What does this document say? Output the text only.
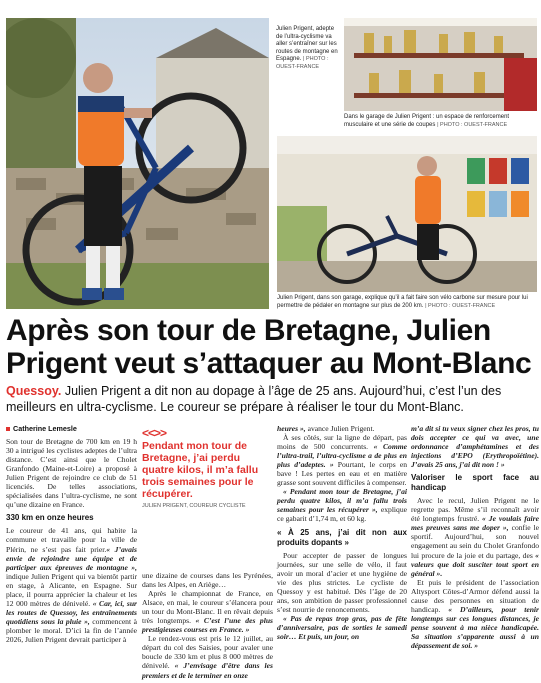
Julien Prigent, adepte de l’ultra-cyclisme va aller s’entraîner sur les routes de montagne en Espagne. | PHOTO : OUEST-FRANCE
Dans le garage de Julien Prigent : un espace de renforcement musculaire et une série de coupes | PHOTO : OUEST-FRANCE
Julien Prigent, dans son garage, explique qu’il a fait faire son vélo carbone sur mesure pour lui permettre de pédaler en montagne sur plus de 200 km. | PHOTO : OUEST-FRANCE
Après son tour de Bretagne, Julien
Prigent veut s’attaquer au Mont-Blanc
Quessoy. Julien Prigent a dit non au dopage à l’âge de 25 ans. Aujourd’hui, c’est l’un des
meilleurs en ultra-cyclisme. Le coureur se prépare à réaliser le tour du Mont-Blanc.
Catherine Lemesle

Son tour de Bretagne de 700 km en 19 h 30 a intrigué les cyclistes adeptes de l’ultra distance. C’est ainsi que le Cholet Granfondo (Maine-et-Loire) a proposé à Julien Prigent de rejoindre ce club de 51 licenciés. De telles associations, spécialisées dans l’ultra-cyclisme, ne sont qu’une dizaine en France.

330 km en onze heures

Le coureur de 41 ans, qui habite la commune et travaille pour la ville de Plérin, ne s’est pas fait prier.« J’avais envie de rejoindre une équipe et de participer aux épreuves de montagne », indique Julien Prigent qui va bientôt partir en stage, à Alicante, en Espagne. Sur place, il pourra apprécier la chaleur et les 12 000 mètres de dénivelé. « Car, ici, sur les routes de Quessoy, les entraînements quotidiens sous la pluie », commencent à plomber le moral. D’ici la fin de l’année 2026, Julien Prigent devrait participer à

<<>>
Pendant mon tour de Bretagne, j’ai perdu quatre kilos, il m’a fallu trois semaines pour le récupérer.
JULIEN PRIGENT, COUREUR CYCLISTE

une dizaine de courses dans les Pyrénées, dans les Alpes, en Ariège…

Après le championnat de France, en Alsace, en mai, le coureur s’élancera pour un tour du Mont-Blanc. Il en rêvait depuis très longtemps. « C’est l’une des plus prestigieuses courses en France. »

Le rendez-vous est pris le 12 juillet, au départ du col des Saisies, pour avaler une boucle de 330 km et plus 8 000 mètres de dénivelé. « J’envisage d’être dans les premiers et de le terminer en onze

heures », avance Julien Prigent.

À ses côtés, sur la ligne de départ, pas moins de 500 concurrents. « Comme l’ultra-trail, l’ultra-cyclisme a de plus en plus d’adeptes. » Pourtant, le corps en bave ! Les pertes en eau et en matière grasse sont souvent difficiles à compenser.

« Pendant mon tour de Bretagne, j’ai perdu quatre kilos, il m’a fallu trois semaines pour les récupérer », explique ce gabarit d’1,74 m, et 60 kg.

« À 25 ans, j’ai dit non aux produits dopants »

Pour accepter de passer de longues journées, sur une selle de vélo, il faut avoir un moral d’acier et une hygiène de vie des plus strictes. Le cycliste de Quessoy y est habitué. Dès l’âge de 20 ans, son ambition de passer professionnel s’est nourrie de renoncements.

« Pas de repas trop gras, pas de fête d’anniversaire, pas de sorties le samedi soir… Et puis, un jour, on

m’a dit si tu veux signer chez les pros, tu dois accepter ce qui va avec, une ordonnance d’amphétamines et des injections d’EPO (Erythropoïétine). J’avais 25 ans, j’ai dit non ! »

Valoriser le sport face au handicap

Avec le recul, Julien Prigent ne le regrette pas. Même s’il reconnaît avoir été longtemps frustré. « Je voulais faire mes preuves sans me doper », confie le sportif. Aujourd’hui, son nouvel engagement au sein du Cholet Granfondo lui procure de la joie et du partage, des « valeurs que doit susciter tout sport en général ».

Et puis le président de l’association Altysport Côtes-d’Armor défend aussi la cause des personnes en situation de handicap. « D’ailleurs, pour tenir longtemps sur ces longues distances, je pense souvent à ma nièce handicapée. Sa situation s’apparente aussi à un dépassement de soi. »
